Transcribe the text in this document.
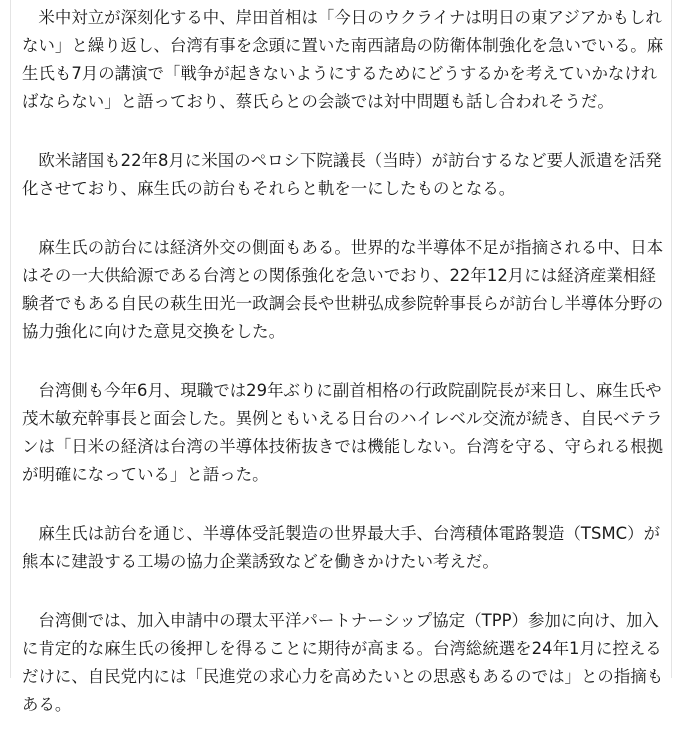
米中対立が深刻化する中、岸田首相は「今日のウクライナは明日の東アジアかもしれない」と繰り返し、台湾有事を念頭に置いた南西諸島の防衛体制強化を急いでいる。麻生氏も7月の講演で「戦争が起きないようにするためにどうするかを考えていかなければならない」と語っており、蔡氏らとの会談では対中問題も話し合われそうだ。

欧米諸国も22年8月に米国のペロシ下院議長（当時）が訪台するなど要人派遣を活発化させており、麻生氏の訪台もそれらと軌を一にしたものとなる。

麻生氏の訪台には経済外交の側面もある。世界的な半導体不足が指摘される中、日本はその一大供給源である台湾との関係強化を急いでおり、22年12月には経済産業相経験者でもある自民の萩生田光一政調会長や世耕弘成参院幹事長らが訪台し半導体分野の協力強化に向けた意見交換をした。

台湾側も今年6月、現職では29年ぶりに副首相格の行政院副院長が来日し、麻生氏や茂木敏充幹事長と面会した。異例ともいえる日台のハイレベル交流が続き、自民ベテランは「日米の経済は台湾の半導体技術抜きでは機能しない。台湾を守る、守られる根拠が明確になっている」と語った。

麻生氏は訪台を通じ、半導体受託製造の世界最大手、台湾積体電路製造（TSMC）が熊本に建設する工場の協力企業誘致などを働きかけたい考えだ。

台湾側では、加入申請中の環太平洋パートナーシップ協定（TPP）参加に向け、加入に肯定的な麻生氏の後押しを得ることに期待が高まる。台湾総統選を24年1月に控えるだけに、自民党内には「民進党の求心力を高めたいとの思惑もあるのでは」との指摘もある。
